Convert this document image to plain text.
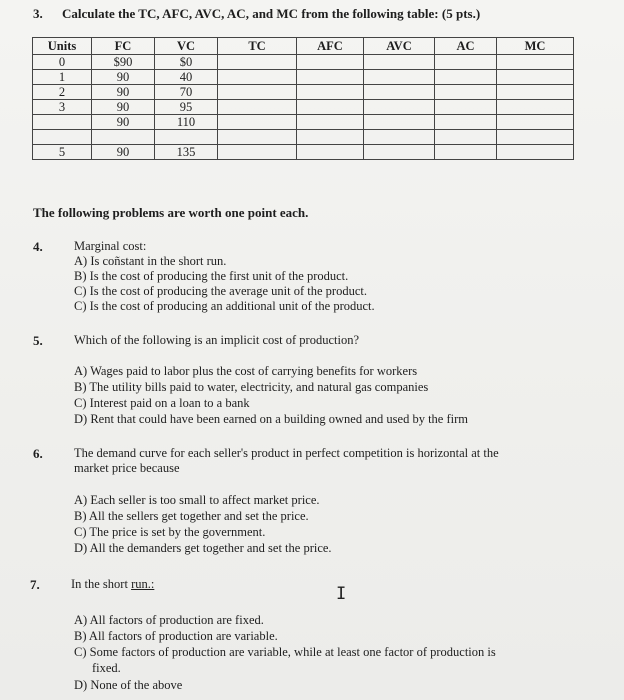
3. Calculate the TC, AFC, AVC, AC, and MC from the following table: (5 pts.)
Units	FC	VC	TC	AFC	AVC	AC	MC
0	$90	$0					
1	90	40					
2	90	70					
3	90	95					
	90	110					

5	90	135					
The following problems are worth one point each.
4.	Marginal cost:
A) Is coñstant in the short run.
B) Is the cost of producing the first unit of the product.
C) Is the cost of producing the average unit of the product.
C) Is the cost of producing an additional unit of the product.
5.	Which of the following is an implicit cost of production?
A) Wages paid to labor plus the cost of carrying benefits for workers
B) The utility bills paid to water, electricity, and natural gas companies
C) Interest paid on a loan to a bank
D) Rent that could have been earned on a building owned and used by the firm
6.	The demand curve for each seller's product in perfect competition is horizontal at the
market price because
A) Each seller is too small to affect market price.
B) All the sellers get together and set the price.
C) The price is set by the government.
D) All the demanders get together and set the price.
7.	In the short run.:	I
A) All factors of production are fixed.
B) All factors of production are variable.
C) Some factors of production are variable, while at least one factor of production is
fixed.
D) None of the above
